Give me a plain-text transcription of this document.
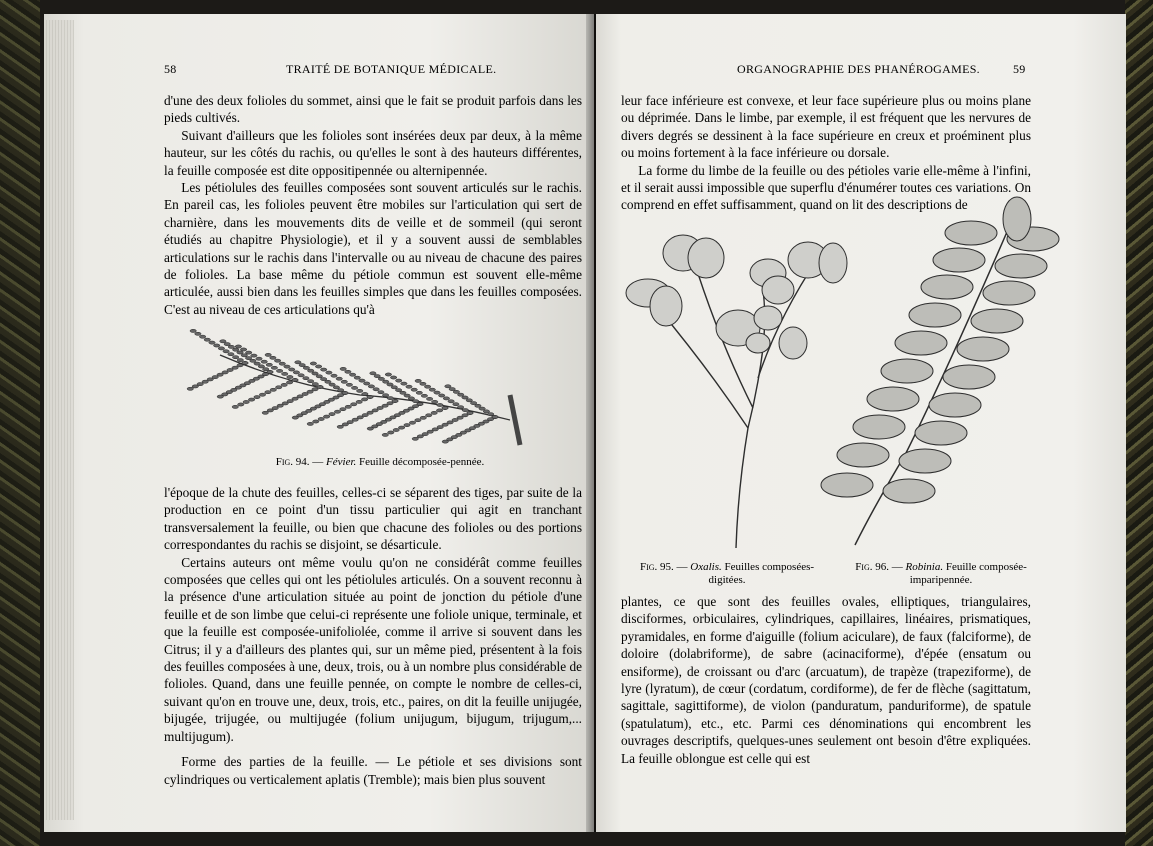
58	TRAITÉ DE BOTANIQUE MÉDICALE.

d'une des deux folioles du sommet, ainsi que le fait se produit parfois dans les pieds cultivés.

Suivant d'ailleurs que les folioles sont insérées deux par deux, à la même hauteur, sur les côtés du rachis, ou qu'elles le sont à des hauteurs différentes, la feuille composée est dite oppositipennée ou alternipennée.

Les pétiolules des feuilles composées sont souvent articulés sur le rachis. En pareil cas, les folioles peuvent être mobiles sur l'articulation qui sert de charnière, dans les mouvements dits de veille et de sommeil (qui seront étudiés au chapitre Physiologie), et il y a souvent aussi de semblables articulations sur le rachis dans l'intervalle ou au niveau de chacune des paires de folioles. La base même du pétiole commun est souvent elle-même articulée, aussi bien dans les feuilles simples que dans les feuilles composées. C'est au niveau de ces articulations qu'à

Fig. 94. — Févier. Feuille décomposée-pennée.

l'époque de la chute des feuilles, celles-ci se séparent des tiges, par suite de la production en ce point d'un tissu particulier qui agit en tranchant transversalement la feuille, ou bien que chacune des folioles ou des portions correspondantes du rachis se disjoint, se désarticule.

Certains auteurs ont même voulu qu'on ne considérât comme feuilles composées que celles qui ont les pétiolules articulés. On a souvent reconnu à la présence d'une articulation située au point de jonction du pétiole d'une feuille et de son limbe que celui-ci représente une foliole unique, terminale, et que la feuille est composée-unifoliolée, comme il arrive si souvent dans les Citrus; il y a d'ailleurs des plantes qui, sur un même pied, présentent à la fois des feuilles composées à une, deux, trois, ou à un nombre plus considérable de folioles. Quand, dans une feuille pennée, on compte le nombre de celles-ci, suivant qu'on en trouve une, deux, trois, etc., paires, on dit la feuille unijugée, bijugée, trijugée, ou multijugée (folium unijugum, bijugum, trijugum,... multijugum).

Forme des parties de la feuille. — Le pétiole et ses divisions sont cylindriques ou verticalement aplatis (Tremble); mais bien plus souvent

ORGANOGRAPHIE DES PHANÉROGAMES.	59

leur face inférieure est convexe, et leur face supérieure plus ou moins plane ou déprimée. Dans le limbe, par exemple, il est fréquent que les nervures de divers degrés se dessinent à la face supérieure en creux et proéminent plus ou moins fortement à la face inférieure ou dorsale.

La forme du limbe de la feuille ou des pétioles varie elle-même à l'infini, et il serait aussi impossible que superflu d'énumérer toutes ces variations. On comprend en effet suffisamment, quand on lit des descriptions de

Fig. 95. — Oxalis. Feuilles composées-digitées.
Fig. 96. — Robinia. Feuille composée-imparipennée.

plantes, ce que sont des feuilles ovales, elliptiques, triangulaires, disciformes, orbiculaires, cylindriques, capillaires, linéaires, prismatiques, pyramidales, en forme d'aiguille (folium aciculare), de faux (falciforme), de doloire (dolabriforme), de sabre (acinaciforme), d'épée (ensatum ou ensiforme), de croissant ou d'arc (arcuatum), de trapèze (trapeziforme), de lyre (lyratum), de cœur (cordatum, cordiforme), de fer de flèche (sagittatum, sagittale, sagittiforme), de violon (panduratum, panduriforme), de spatule (spatulatum), etc., etc. Parmi ces dénominations qui encombrent les ouvrages descriptifs, quelques-unes seulement ont besoin d'être expliquées. La feuille oblongue est celle qui est
